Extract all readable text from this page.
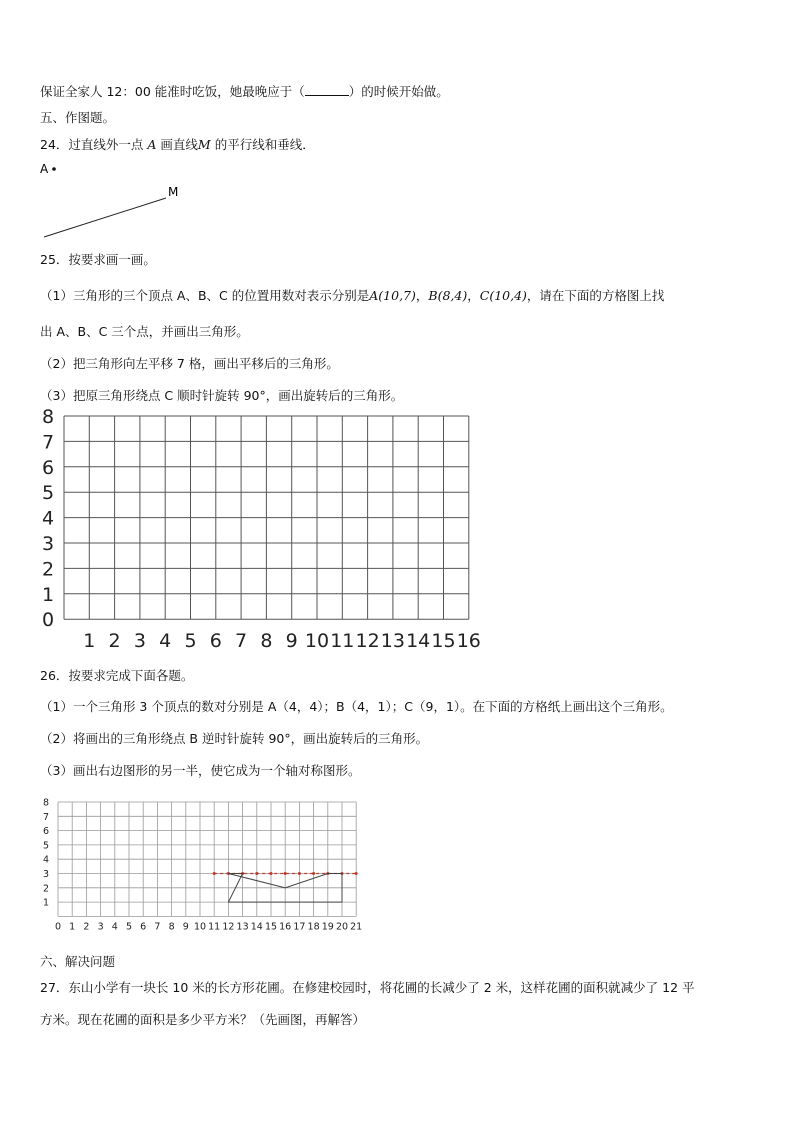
保证全家人 12：00 能准时吃饭，她最晚应于（	）的时候开始做。
五、作图题。
24．过直线外一点 A 画直线M 的平行线和垂线．
A
M
25．按要求画一画。
（1）三角形的三个顶点 A、B、C 的位置用数对表示分别是A(10,7)，B(8,4)，C(10,4)，请在下面的方格图上找
出 A、B、C 三个点，并画出三角形。
（2）把三角形向左平移 7 格，画出平移后的三角形。
（3）把原三角形绕点 C 顺时针旋转 90°，画出旋转后的三角形。
8
7
6
5
4
3
2
1
0
1 2 3 4 5 6 7 8 9 10 11 12 13 14 15 16
26．按要求完成下面各题。
（1）一个三角形 3 个顶点的数对分别是 A（4，4）；B（4，1）；C（9，1）。在下面的方格纸上画出这个三角形。
（2）将画出的三角形绕点 B 逆时针旋转 90°，画出旋转后的三角形。
（3）画出右边图形的另一半，使它成为一个轴对称图形。
8
7
6
5
4
3
2
1
0 1 2 3 4 5 6 7 8 9 10 11 12 13 14 15 16 17 18 19 20 21
六、解决问题
27．东山小学有一块长 10 米的长方形花圃。在修建校园时，将花圃的长减少了 2 米，这样花圃的面积就减少了 12 平
方米。现在花圃的面积是多少平方米？（先画图，再解答）
